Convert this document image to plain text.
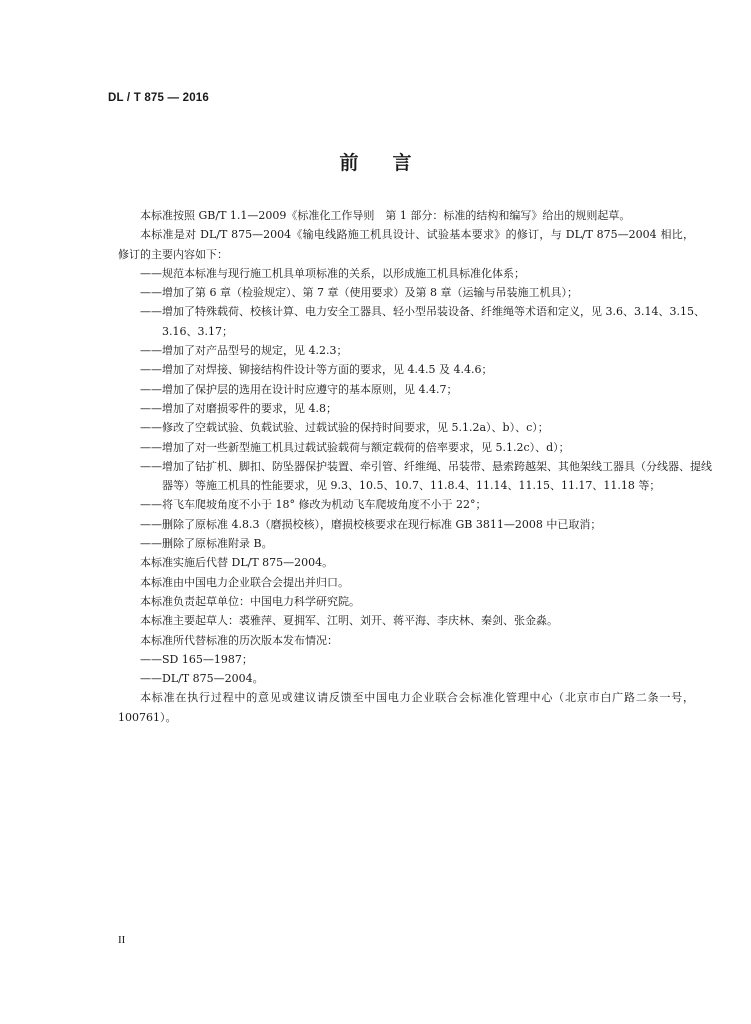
DL / T 875 — 2016
前 言

本标准按照 GB/T 1.1—2009《标准化工作导则　第 1 部分：标准的结构和编写》给出的规则起草。

本标准是对 DL/T 875—2004《输电线路施工机具设计、试验基本要求》的修订，与 DL/T 875—2004 相比，修订的主要内容如下：

——规范本标准与现行施工机具单项标准的关系，以形成施工机具标准化体系；

——增加了第 6 章（检验规定）、第 7 章（使用要求）及第 8 章（运输与吊装施工机具）；

——增加了特殊载荷、校核计算、电力安全工器具、轻小型吊装设备、纤维绳等术语和定义，见 3.6、3.14、3.15、3.16、3.17；

——增加了对产品型号的规定，见 4.2.3；

——增加了对焊接、铆接结构件设计等方面的要求，见 4.4.5 及 4.4.6；

——增加了保护层的选用在设计时应遵守的基本原则，见 4.4.7；

——增加了对磨损零件的要求，见 4.8；

——修改了空载试验、负载试验、过载试验的保持时间要求，见 5.1.2a）、b）、c）；

——增加了对一些新型施工机具过载试验载荷与额定载荷的倍率要求，见 5.1.2c）、d）；

——增加了钻扩机、脚扣、防坠器保护装置、牵引管、纤维绳、吊装带、悬索跨越架、其他架线工器具（分线器、提线器等）等施工机具的性能要求，见 9.3、10.5、10.7、11.8.4、11.14、11.15、11.17、11.18 等；

——将飞车爬坡角度不小于 18° 修改为机动飞车爬坡角度不小于 22°；

——删除了原标准 4.8.3（磨损校核），磨损校核要求在现行标准 GB 3811—2008 中已取消；

——删除了原标准附录 B。

本标准实施后代替 DL/T 875—2004。

本标准由中国电力企业联合会提出并归口。

本标准负责起草单位：中国电力科学研究院。

本标准主要起草人：裘雅萍、夏拥军、江明、刘开、蒋平海、李庆林、秦剑、张金淼。

本标准所代替标准的历次版本发布情况：

——SD 165—1987；

——DL/T 875—2004。

本标准在执行过程中的意见或建议请反馈至中国电力企业联合会标准化管理中心（北京市白广路二条一号，100761）。

II
